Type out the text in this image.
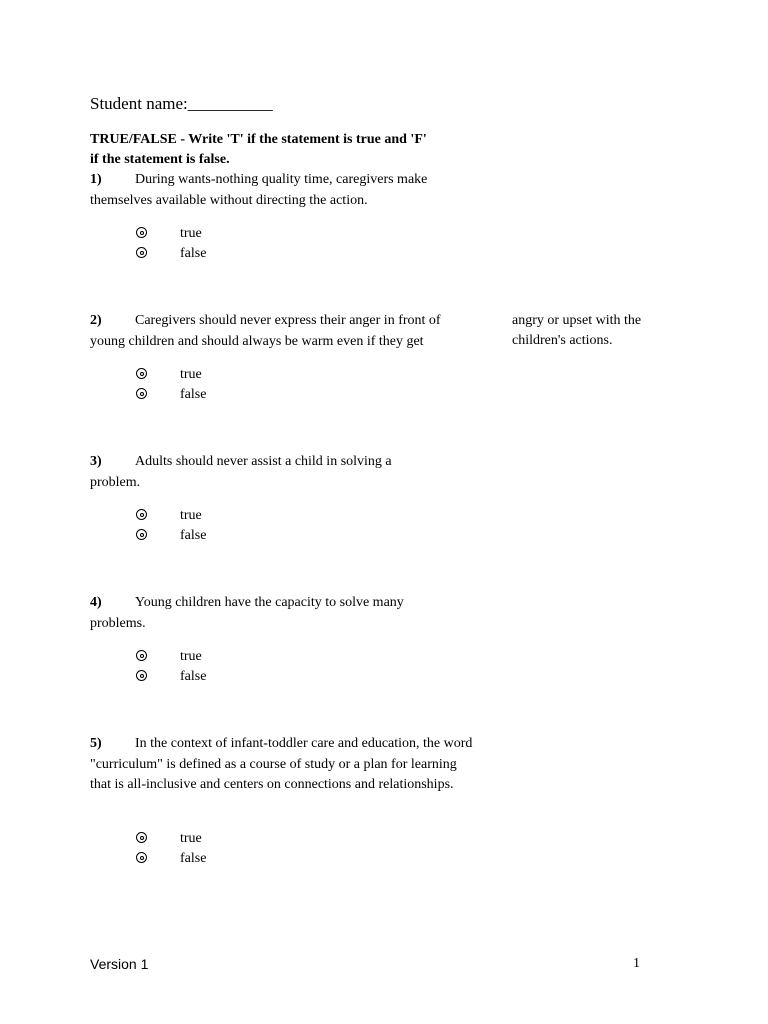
Student name:__________
TRUE/FALSE - Write 'T' if the statement is true and 'F'
if the statement is false.
1) During wants-nothing quality time, caregivers make themselves available without directing the action.
true
false
2) Caregivers should never express their anger in front of young children and should always be warm even if they get
angry or upset with the children's actions.
true
false
3) Adults should never assist a child in solving a problem.
true
false
4) Young children have the capacity to solve many problems.
true
false
5) In the context of infant-toddler care and education, the word "curriculum" is defined as a course of study or a plan for learning that is all-inclusive and centers on connections and relationships.
true
false
Version 1	1
